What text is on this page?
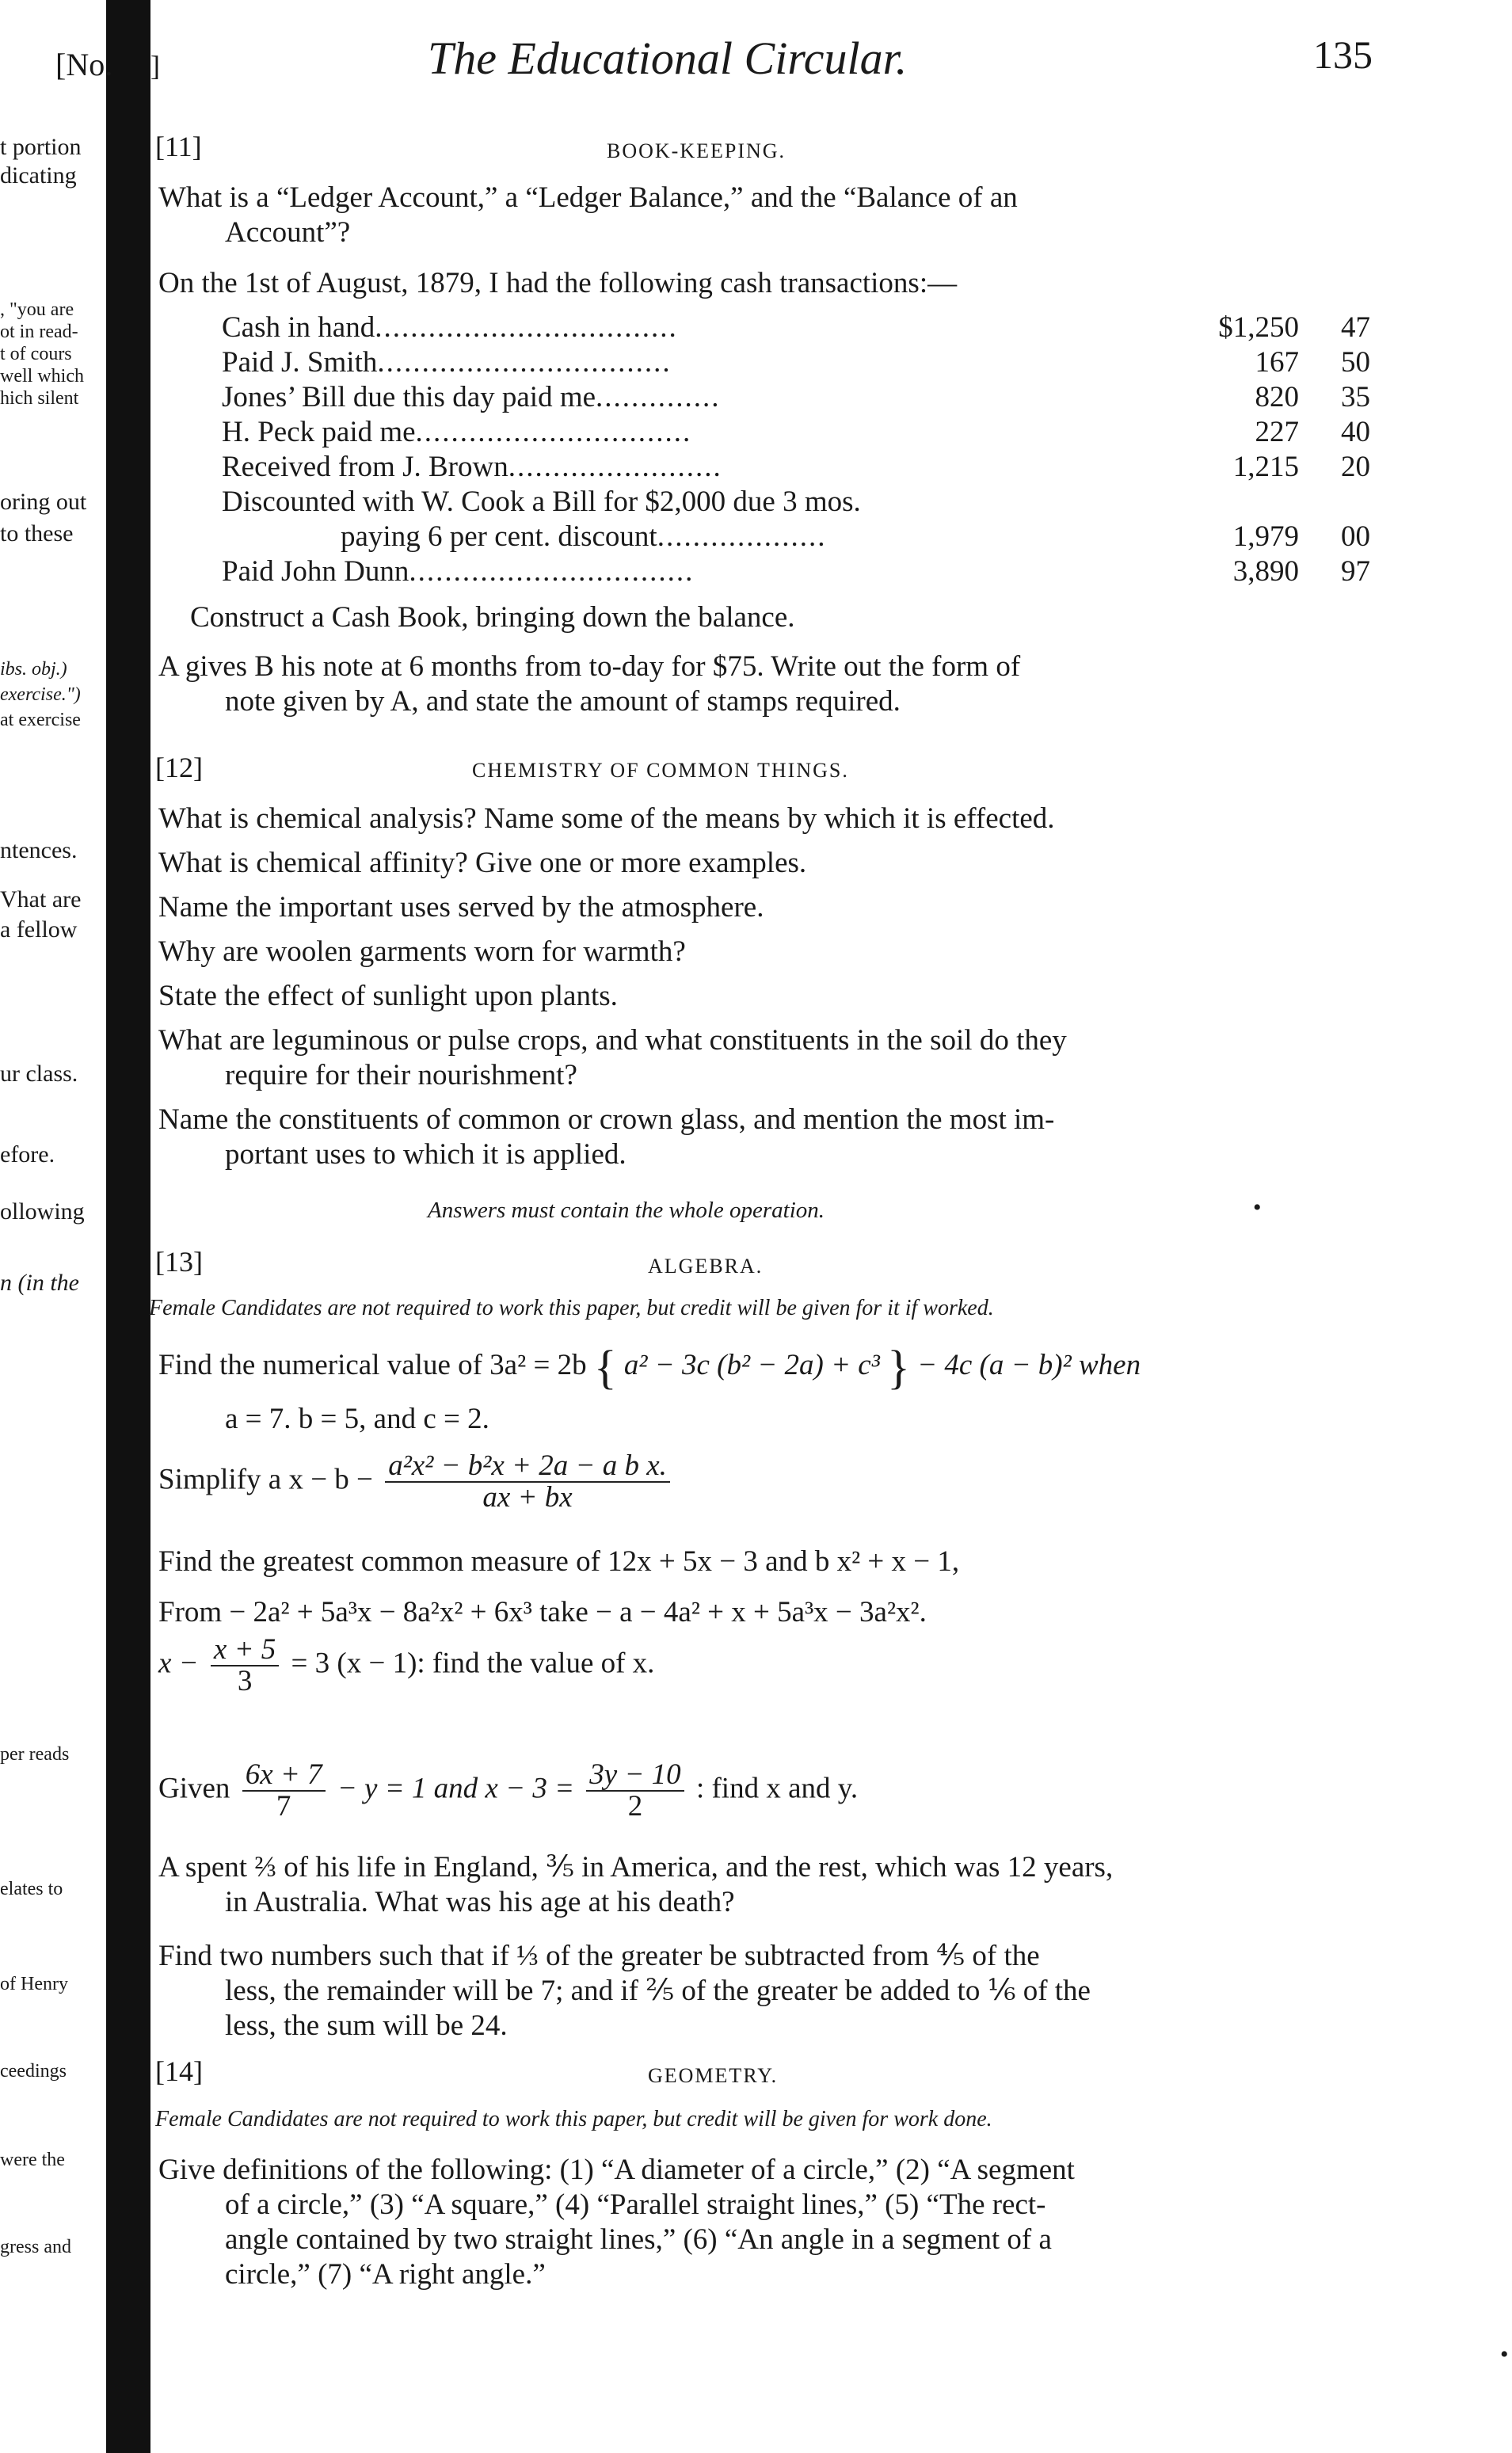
t portion
dicating
, "you are
ot in read-
t of cours
well which
hich silent
oring out
to these
ibs. obj.)
exercise.")
at exercise
ntences.
Vhat are
a fellow
ur class.
efore.
ollowing
n (in the
per reads
elates to
of Henry
ceedings
were the
gress and
[No. ]	The Educational Circular.	135
[11]	BOOK-KEEPING.
What is a “Ledger Account,” a “Ledger Balance,” and the “Balance of an
Account”?
On the 1st of August, 1879, I had the following cash transactions:—
Cash in hand..................................	$1,250	47
Paid J. Smith.................................	167	50
Jones’ Bill due this day paid me..............	820	35
H. Peck paid me...............................	227	40
Received from J. Brown........................	1,215	20
Discounted with W. Cook a Bill for $2,000 due 3 mos.		
paying 6 per cent. discount...................	1,979	00
Paid John Dunn................................	3,890	97
Construct a Cash Book, bringing down the balance.
A gives B his note at 6 months from to-day for $75. Write out the form of
note given by A, and state the amount of stamps required.
[12]	CHEMISTRY OF COMMON THINGS.
What is chemical analysis? Name some of the means by which it is effected.
What is chemical affinity? Give one or more examples.
Name the important uses served by the atmosphere.
Why are woolen garments worn for warmth?
State the effect of sunlight upon plants.
What are leguminous or pulse crops, and what constituents in the soil do they
require for their nourishment?
Name the constituents of common or crown glass, and mention the most im-
portant uses to which it is applied.
Answers must contain the whole operation.	•
[13]	ALGEBRA.
Female Candidates are not required to work this paper, but credit will be given for it if worked.
Find the numerical value of 3a² = 2b { a² − 3c (b² − 2a) + c³ } − 4c (a − b)² when
a = 7. b = 5, and c = 2.
Simplify a $x - b - \frac{\text{a²x² − b²x + 2a − a b x.}}{ax + bx}$
Find the greatest common measure of 12x + 5x − 3 and b x² + x − 1,
From − 2a² + 5a³x − 8a²x² + 6x³ take − a − 4a² + x + 5a³x − 3a²x².
$x - \frac{x + 5}{3} = 3$ (x − 1): find the value of x.
Given $\frac{6x + 7}{7} - y = 1$ and $x - 3 = \frac{3y - 10}{2}$ : find x and y.
A spent ⅔ of his life in England, ⅗ in America, and the rest, which was 12 years,
in Australia. What was his age at his death?
Find two numbers such that if ⅓ of the greater be subtracted from ⅘ of the
less, the remainder will be 7; and if ⅖ of the greater be added to ⅙ of the
less, the sum will be 24.
[14]	GEOMETRY.
Female Candidates are not required to work this paper, but credit will be given for work done.
Give definitions of the following: (1) “A diameter of a circle,” (2) “A segment
of a circle,” (3) “A square,” (4) “Parallel straight lines,” (5) “The rect-
angle contained by two straight lines,” (6) “An angle in a segment of a
circle,” (7) “A right angle.”
•
